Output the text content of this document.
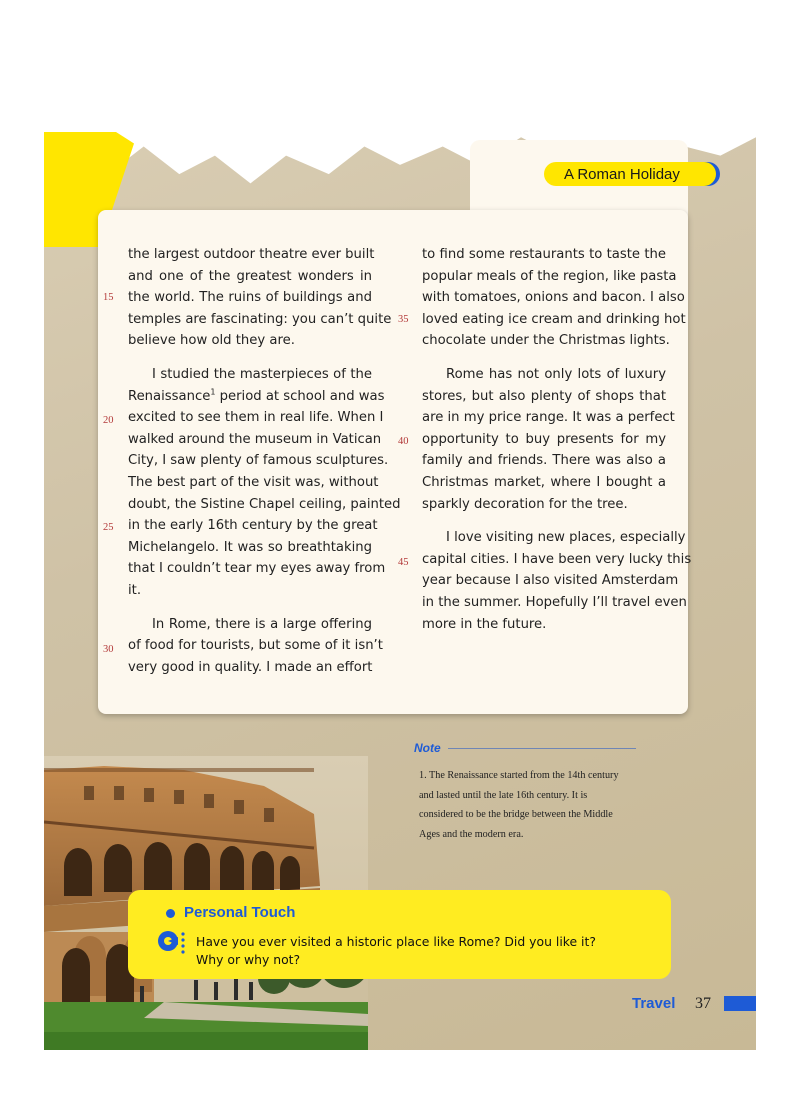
A Roman Holiday
the largest outdoor theatre ever built
and one of the greatest wonders in
the world. The ruins of buildings and
temples are fascinating: you can’t quite
believe how old they are.
I studied the masterpieces of the
Renaissance$^1$ period at school and was
excited to see them in real life. When I
walked around the museum in Vatican
City, I saw plenty of famous sculptures.
The best part of the visit was, without
doubt, the Sistine Chapel ceiling, painted
in the early 16th century by the great
Michelangelo. It was so breathtaking
that I couldn’t tear my eyes away from
it.
In Rome, there is a large offering
of food for tourists, but some of it isn’t
very good in quality. I made an effort
to find some restaurants to taste the
popular meals of the region, like pasta
with tomatoes, onions and bacon. I also
loved eating ice cream and drinking hot
chocolate under the Christmas lights.
Rome has not only lots of luxury
stores, but also plenty of shops that
are in my price range. It was a perfect
opportunity to buy presents for my
family and friends. There was also a
Christmas market, where I bought a
sparkly decoration for the tree.
I love visiting new places, especially
capital cities. I have been very lucky this
year because I also visited Amsterdam
in the summer. Hopefully I’ll travel even
more in the future.
15
20
25
30
35
40
45
Note
1. The Renaissance started from the 14th century
and lasted until the late 16th century. It is
considered to be the bridge between the Middle
Ages and the modern era.
Personal Touch
Have you ever visited a historic place like Rome? Did you like it?
Why or why not?
Travel 37
